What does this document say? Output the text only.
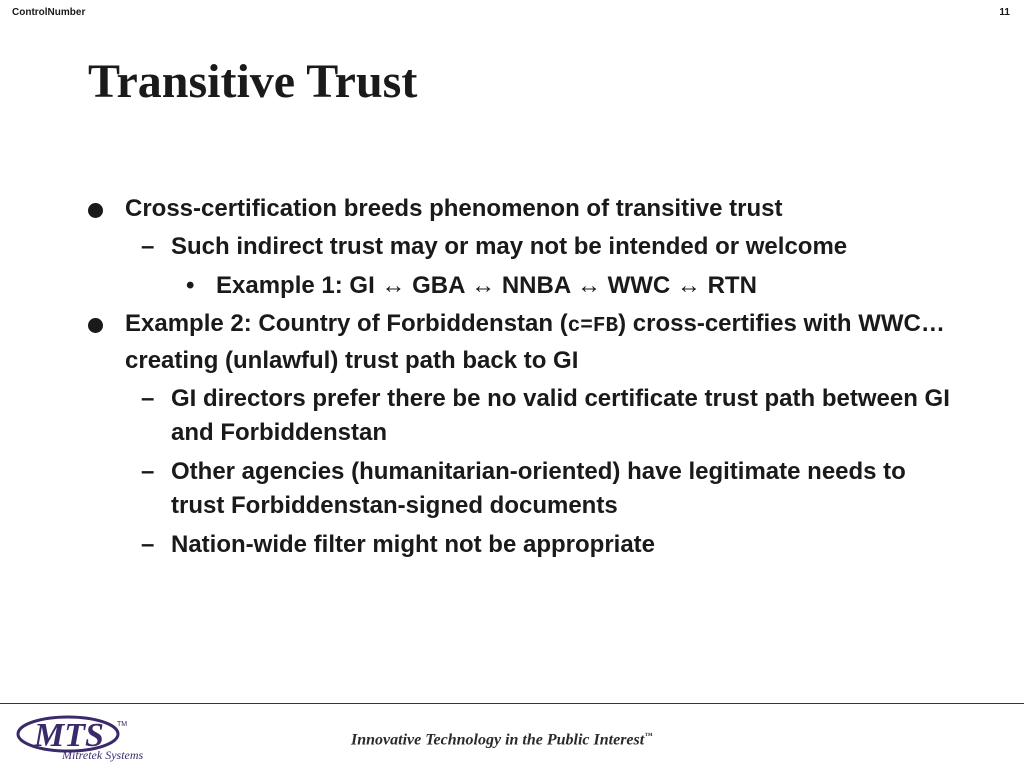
ControlNumber	11
Transitive Trust
Cross-certification breeds phenomenon of transitive trust
– Such indirect trust may or may not be intended or welcome
• Example 1: GI ↔ GBA ↔ NNBA ↔ WWC ↔ RTN
Example 2: Country of Forbiddenstan (c=FB) cross-certifies with WWC…creating (unlawful) trust path back to GI
– GI directors prefer there be no valid certificate trust path between GI and Forbiddenstan
– Other agencies (humanitarian-oriented) have legitimate needs to trust Forbiddenstan-signed documents
– Nation-wide filter might not be appropriate
MTS TM
Mitretek Systems
Innovative Technology in the Public Interest™
